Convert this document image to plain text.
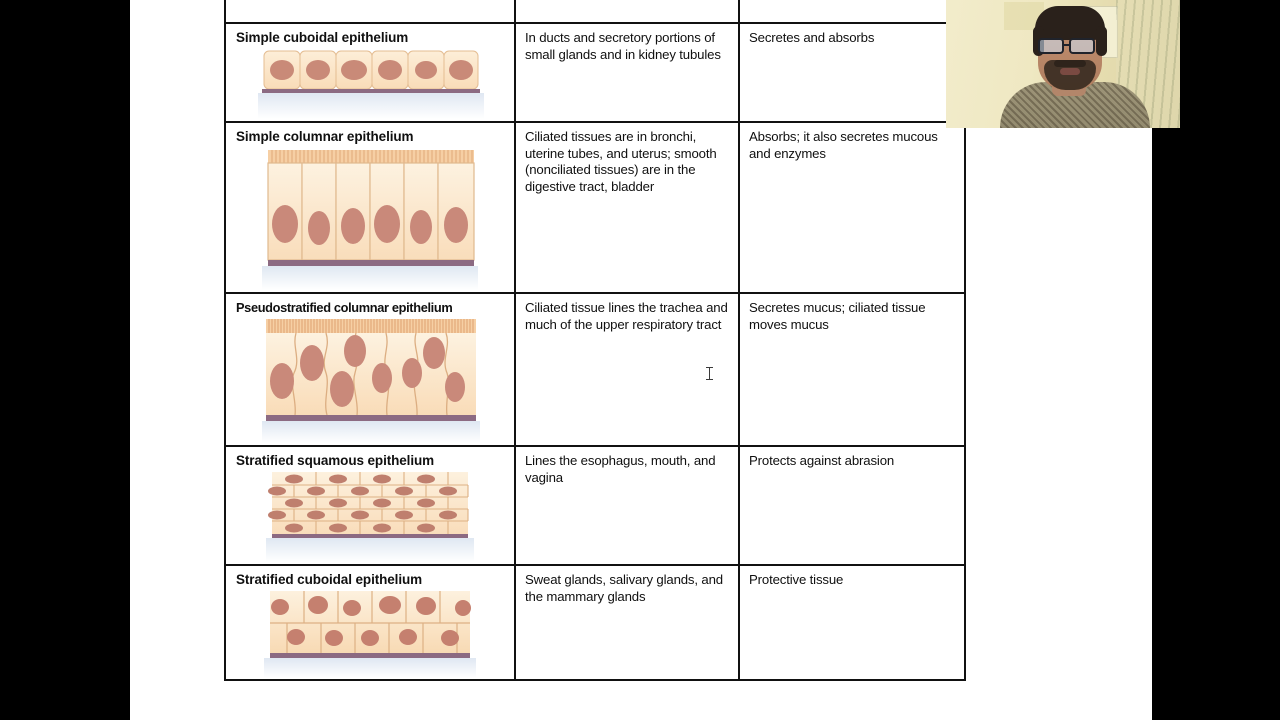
Simple cuboidal epithelium	In ducts and secretory portions of small glands and in kidney tubules	Secretes and absorbs

Simple columnar epithelium	Ciliated tissues are in bronchi, uterine tubes, and uterus; smooth (nonciliated tissues) are in the digestive tract, bladder	Absorbs; it also secretes mucous and enzymes

Pseudostratified columnar epithelium	Ciliated tissue lines the trachea and much of the upper respiratory tract	Secretes mucus; ciliated tissue moves mucus

Stratified squamous epithelium	Lines the esophagus, mouth, and vagina	Protects against abrasion

Stratified cuboidal epithelium	Sweat glands, salivary glands, and the mammary glands	Protective tissue
